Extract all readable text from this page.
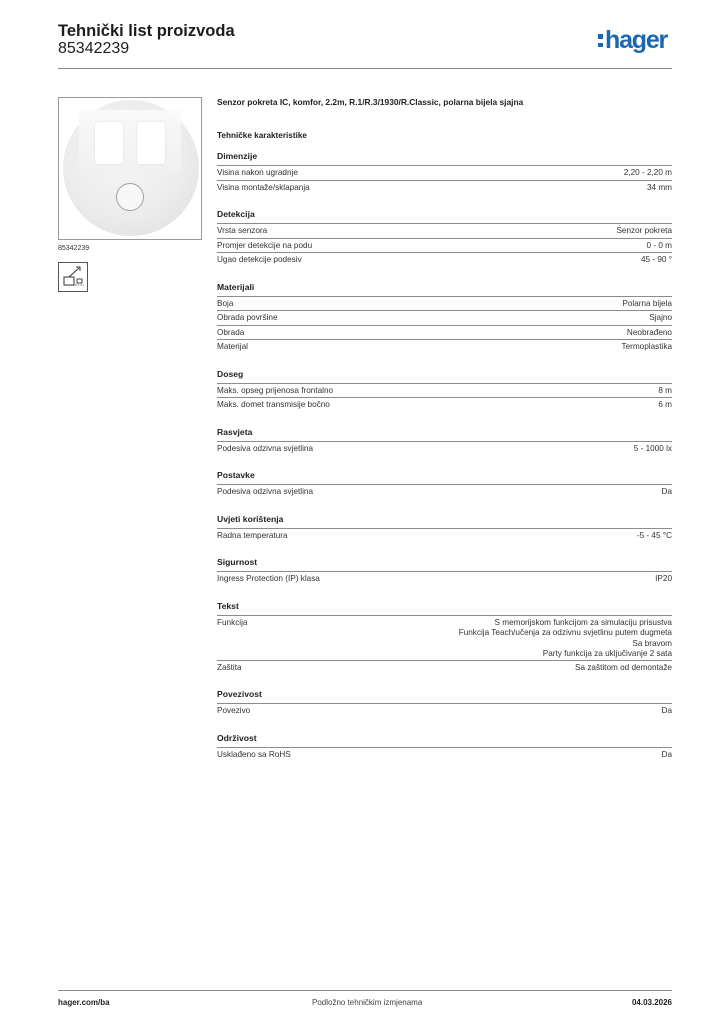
Tehnički list proizvoda
85342239	hager
85342239
Senzor pokreta IC, komfor, 2.2m, R.1/R.3/1930/R.Classic, polarna bijela sjajna
Tehničke karakteristike
Dimenzije
Visina nakon ugradnje	2,20 - 2,20 m
Visina montaže/sklapanja	34 mm
Detekcija
Vrsta senzora	Senzor pokreta
Promjer detekcije na podu	0 - 0 m
Ugao detekcije podesiv	45 - 90 °
Materijali
Boja	Polarna bijela
Obrada površine	Sjajno
Obrada	Neobrađeno
Materijal	Termoplastika
Doseg
Maks. opseg prijenosa frontalno	8 m
Maks. domet transmisije bočno	6 m
Rasvjeta
Podesiva odzivna svjetlina	5 - 1000 lx
Postavke
Podesiva odzivna svjetlina	Da
Uvjeti korištenja
Radna temperatura	-5 - 45 °C
Sigurnost
Ingress Protection (IP) klasa	IP20
Tekst
Funkcija	S memorijskom funkcijom za simulaciju prisustva
Funkcija Teach/učenja za odzivnu svjetlinu putem dugmeta
Sa bravom
Party funkcija za uključivanje 2 sata
Zaštita	Sa zaštitom od demontaže
Povezivost
Povezivo	Da
Održivost
Usklađeno sa RoHS	Da
hager.com/ba	Podložno tehničkim izmjenama	04.03.2026
